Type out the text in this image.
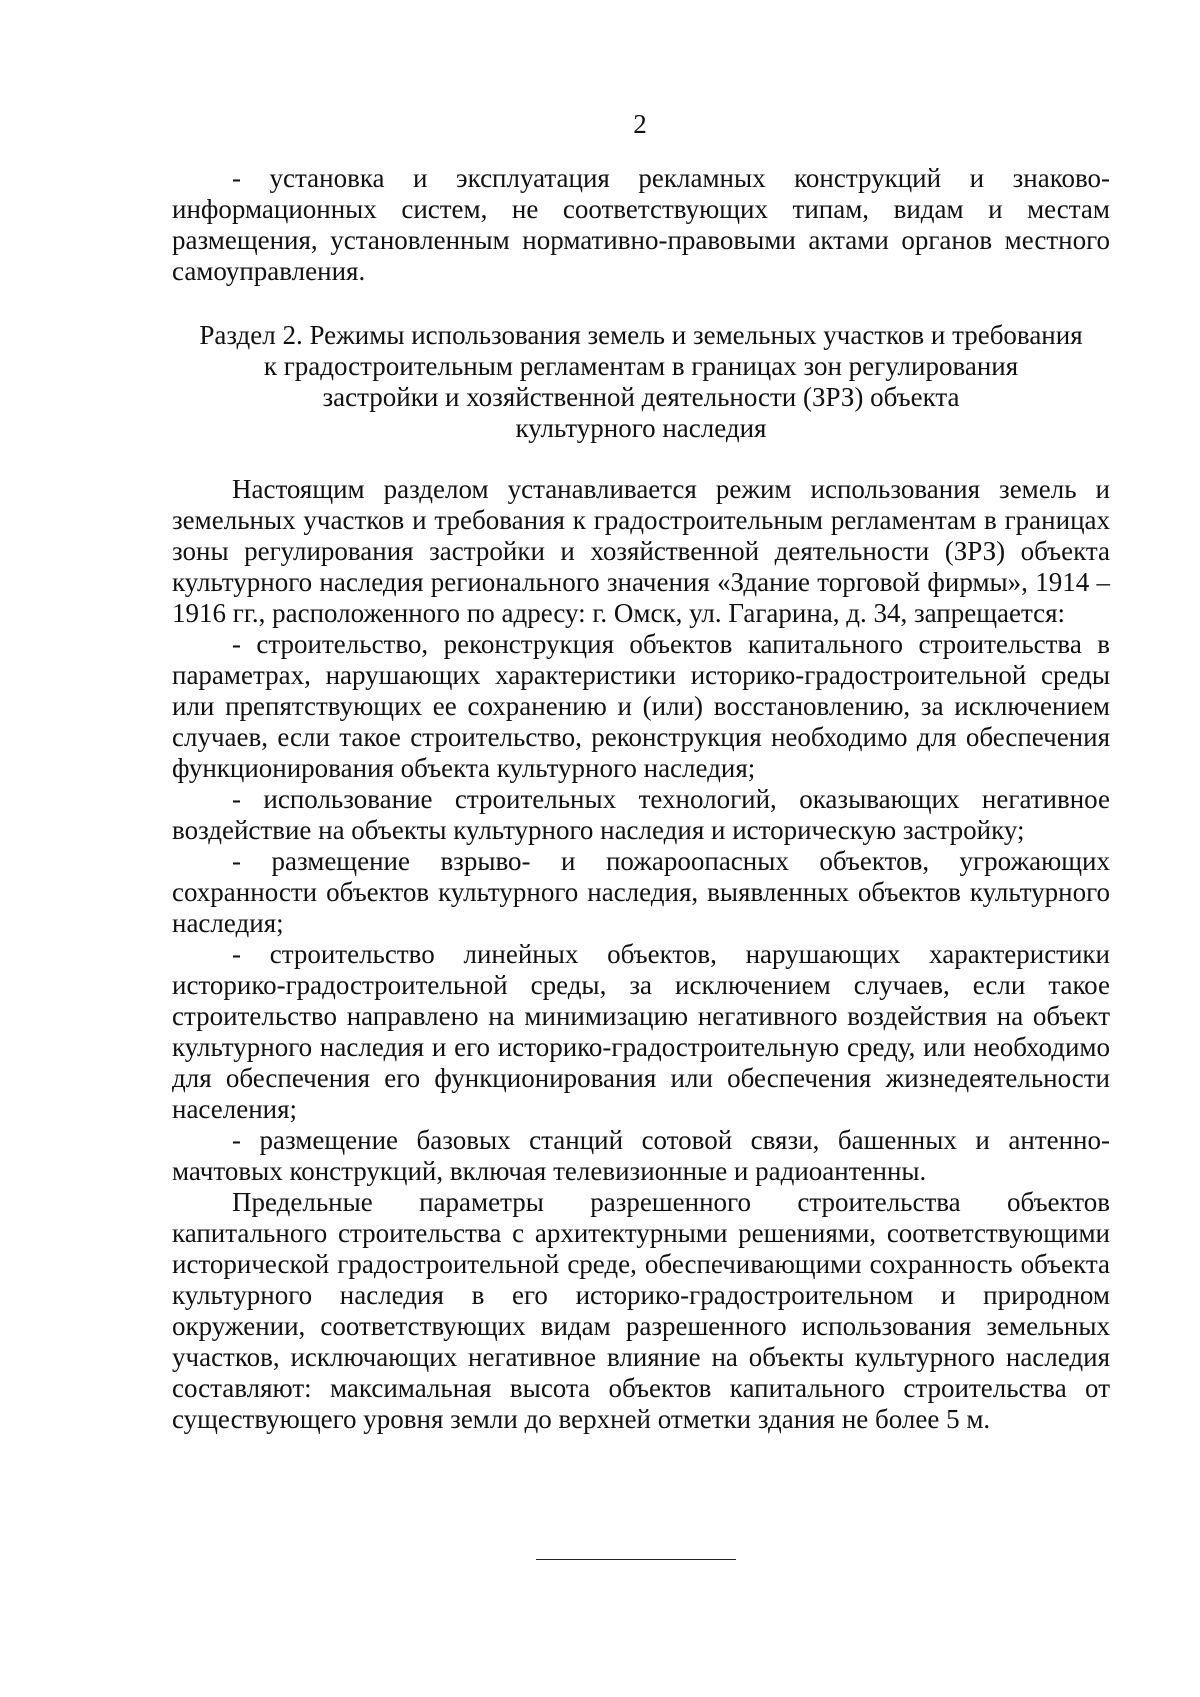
2

- установка и эксплуатация рекламных конструкций и знаково-информационных систем, не соответствующих типам, видам и местам размещения, установленным нормативно-правовыми актами органов местного самоуправления.

Раздел 2. Режимы использования земель и земельных участков и требования
к градостроительным регламентам в границах зон регулирования
застройки и хозяйственной деятельности (ЗРЗ) объекта
культурного наследия

Настоящим разделом устанавливается режим использования земель и земельных участков и требования к градостроительным регламентам в границах зоны регулирования застройки и хозяйственной деятельности (ЗРЗ) объекта культурного наследия регионального значения «Здание торговой фирмы», 1914 – 1916 гг., расположенного по адресу: г. Омск, ул. Гагарина, д. 34, запрещается:

- строительство, реконструкция объектов капитального строительства в параметрах, нарушающих характеристики историко-градостроительной среды или препятствующих ее сохранению и (или) восстановлению, за исключением случаев, если такое строительство, реконструкция необходимо для обеспечения функционирования объекта культурного наследия;

- использование строительных технологий, оказывающих негативное воздействие на объекты культурного наследия и историческую застройку;

- размещение взрыво- и пожароопасных объектов, угрожающих сохранности объектов культурного наследия, выявленных объектов культурного наследия;

- строительство линейных объектов, нарушающих характеристики историко-градостроительной среды, за исключением случаев, если такое строительство направлено на минимизацию негативного воздействия на объект культурного наследия и его историко-градостроительную среду, или необходимо для обеспечения его функционирования или обеспечения жизнедеятельности населения;

- размещение базовых станций сотовой связи, башенных и антенно-мачтовых конструкций, включая телевизионные и радиоантенны.

Предельные параметры разрешенного строительства объектов капитального строительства с архитектурными решениями, соответствующими исторической градостроительной среде, обеспечивающими сохранность объекта культурного наследия в его историко-градостроительном и природном окружении, соответствующих видам разрешенного использования земельных участков, исключающих негативное влияние на объекты культурного наследия составляют: максимальная высота объектов капитального строительства от существующего уровня земли до верхней отметки здания не более 5 м.
